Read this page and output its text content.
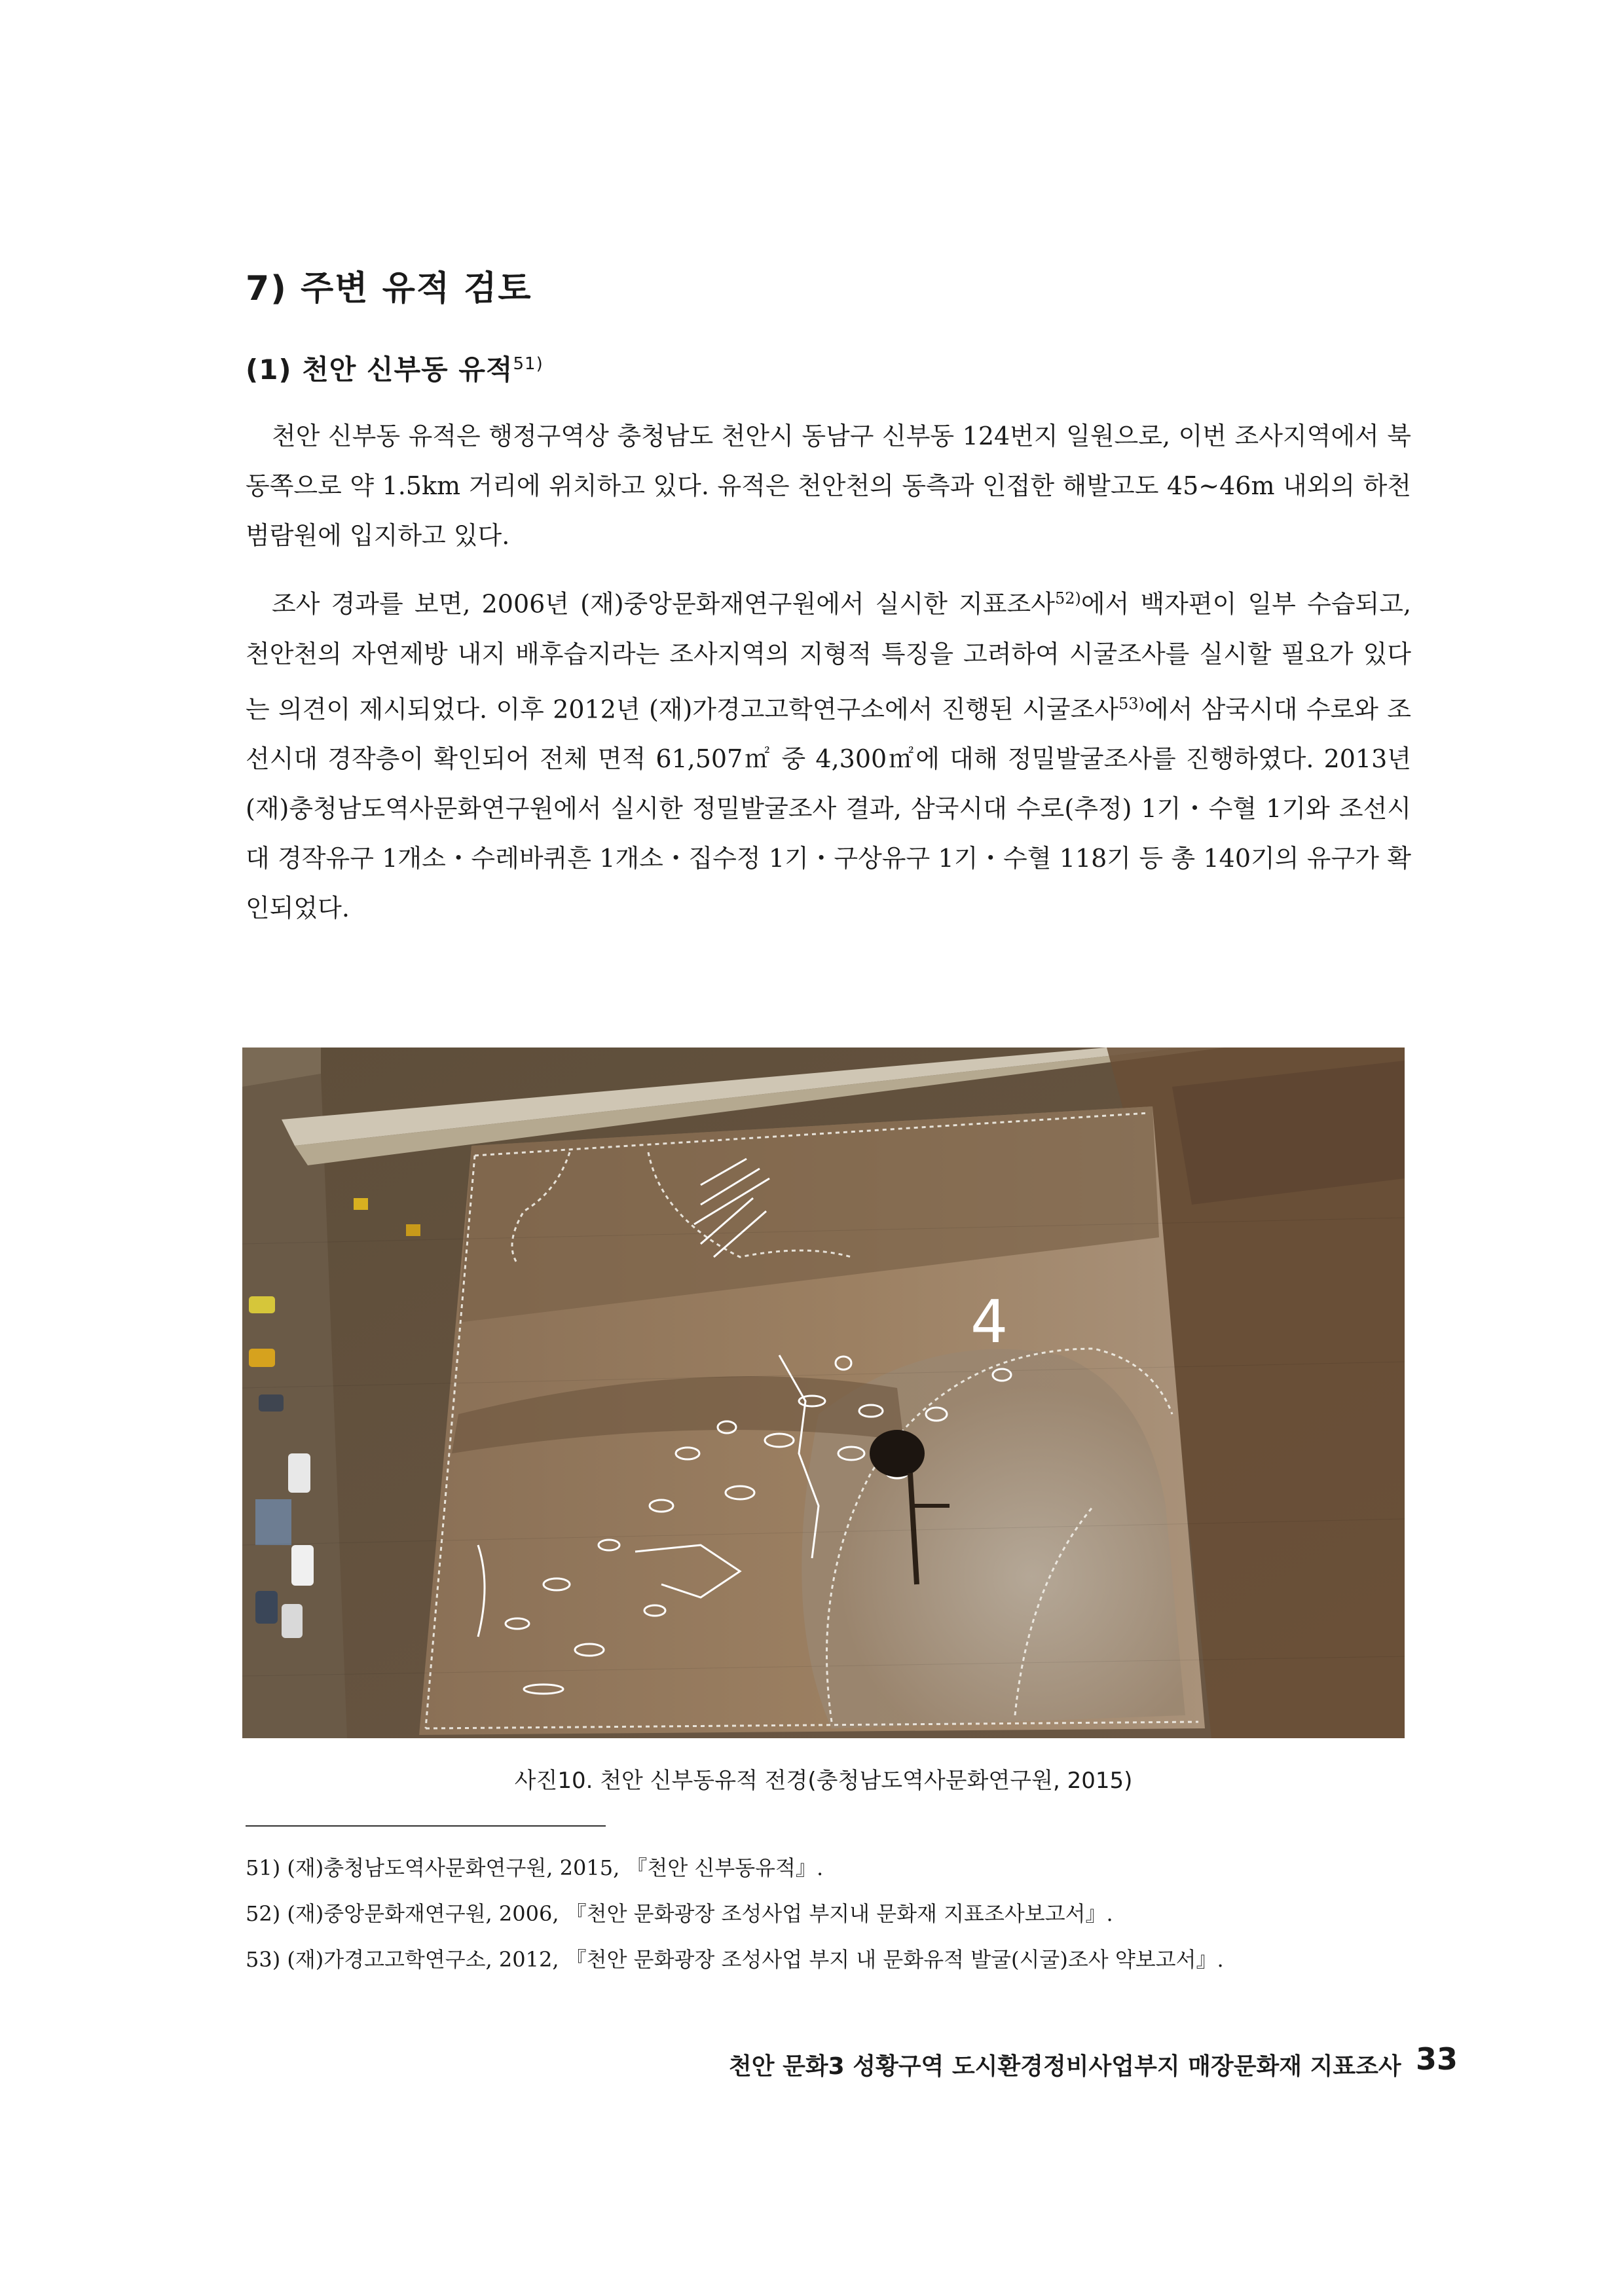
7) 주변 유적 검토
(1) 천안 신부동 유적$^{51)}$

천안 신부동 유적은 행정구역상 충청남도 천안시 동남구 신부동 124번지 일원으로, 이번 조사지역에서 북동쪽으로 약 1.5km 거리에 위치하고 있다. 유적은 천안천의 동측과 인접한 해발고도 45~46m 내외의 하천 범람원에 입지하고 있다.

조사 경과를 보면, 2006년 (재)중앙문화재연구원에서 실시한 지표조사$^{52)}$에서 백자편이 일부 수습되고, 천안천의 자연제방 내지 배후습지라는 조사지역의 지형적 특징을 고려하여 시굴조사를 실시할 필요가 있다는 의견이 제시되었다. 이후 2012년 (재)가경고고학연구소에서 진행된 시굴조사$^{53)}$에서 삼국시대 수로와 조선시대 경작층이 확인되어 전체 면적 61,507㎡ 중 4,300㎡에 대해 정밀발굴조사를 진행하였다. 2013년 (재)충청남도역사문화연구원에서 실시한 정밀발굴조사 결과, 삼국시대 수로(추정) 1기・수혈 1기와 조선시대 경작유구 1개소・수레바퀴흔 1개소・집수정 1기・구상유구 1기・수혈 118기 등 총 140기의 유구가 확인되었다.

4
사진10. 천안 신부동유적 전경(충청남도역사문화연구원, 2015)
51) (재)충청남도역사문화연구원, 2015, 『천안 신부동유적』.
52) (재)중앙문화재연구원, 2006, 『천안 문화광장 조성사업 부지내 문화재 지표조사보고서』.
53) (재)가경고고학연구소, 2012, 『천안 문화광장 조성사업 부지 내 문화유적 발굴(시굴)조사 약보고서』.
천안 문화3 성황구역 도시환경정비사업부지 매장문화재 지표조사 33
